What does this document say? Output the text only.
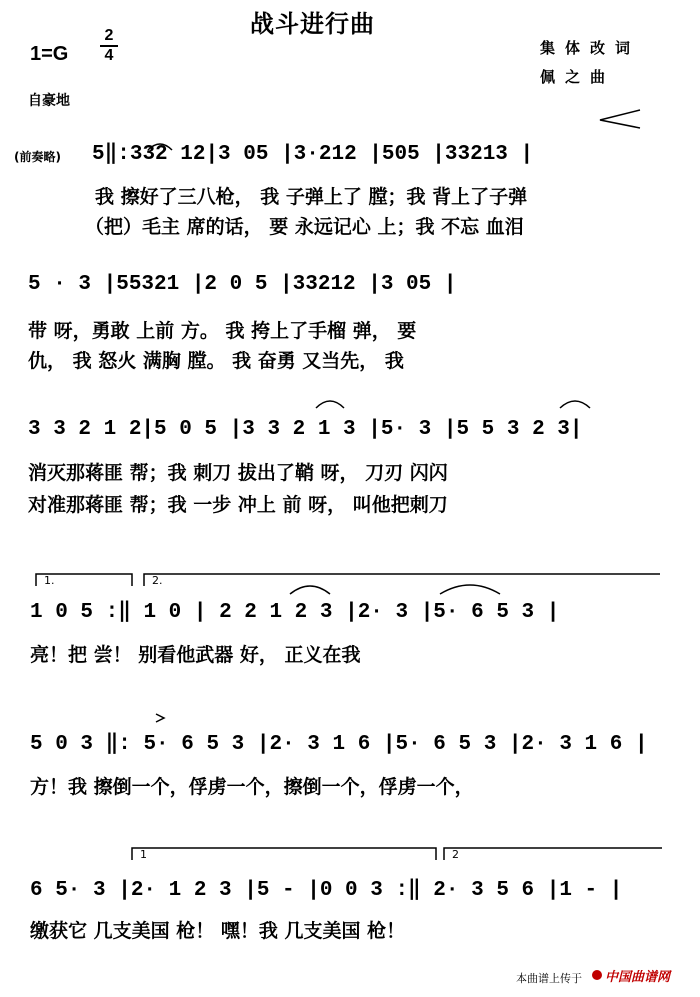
战斗进行曲
1=G
2
4	集体改词
佩之曲
自豪地
(前奏略) 5‖:332 12|3 05 |3·212 |505 |33213 |
我 擦好了三八枪， 我 子弹上了 膛；我 背上了子弹
（把）毛主 席的话， 要 永远记心 上；我 不忘 血泪
5 · 3 |55321 |2 0 5 |33212 |3 05 |
带 呀，勇敢 上前 方。 我 挎上了手榴 弹， 要
仇， 我 怒火 满胸 膛。 我 奋勇 又当先， 我
3 3 2 1 2|5 0 5 |3 3 2 1 3 |5· 3 |5 5 3 2 3|
消灭那蒋匪 帮；我 刺刀 拔出了鞘 呀， 刀刃 闪闪
对准那蒋匪 帮；我 一步 冲上 前 呀， 叫他把刺刀
1.	2.
1 0 5 :‖ 1 0 | 2 2 1 2 3 |2· 3 |5· 6 5 3 |
亮！把 尝！ 别看他武器 好， 正义在我
5 0 3 ‖: 5· 6 5 3 |2· 3 1 6 |5· 6 5 3 |2· 3 1 6 |
方！我 擦倒一个，俘虏一个，擦倒一个，俘虏一个，
1	2
6 5· 3 |2· 1 2 3 |5 - |0 0 3 :‖ 2· 3 5 6 |1 - |
缴获它 几支美国 枪！ 嘿！我 几支美国 枪！
本曲谱上传于 中国曲谱网
